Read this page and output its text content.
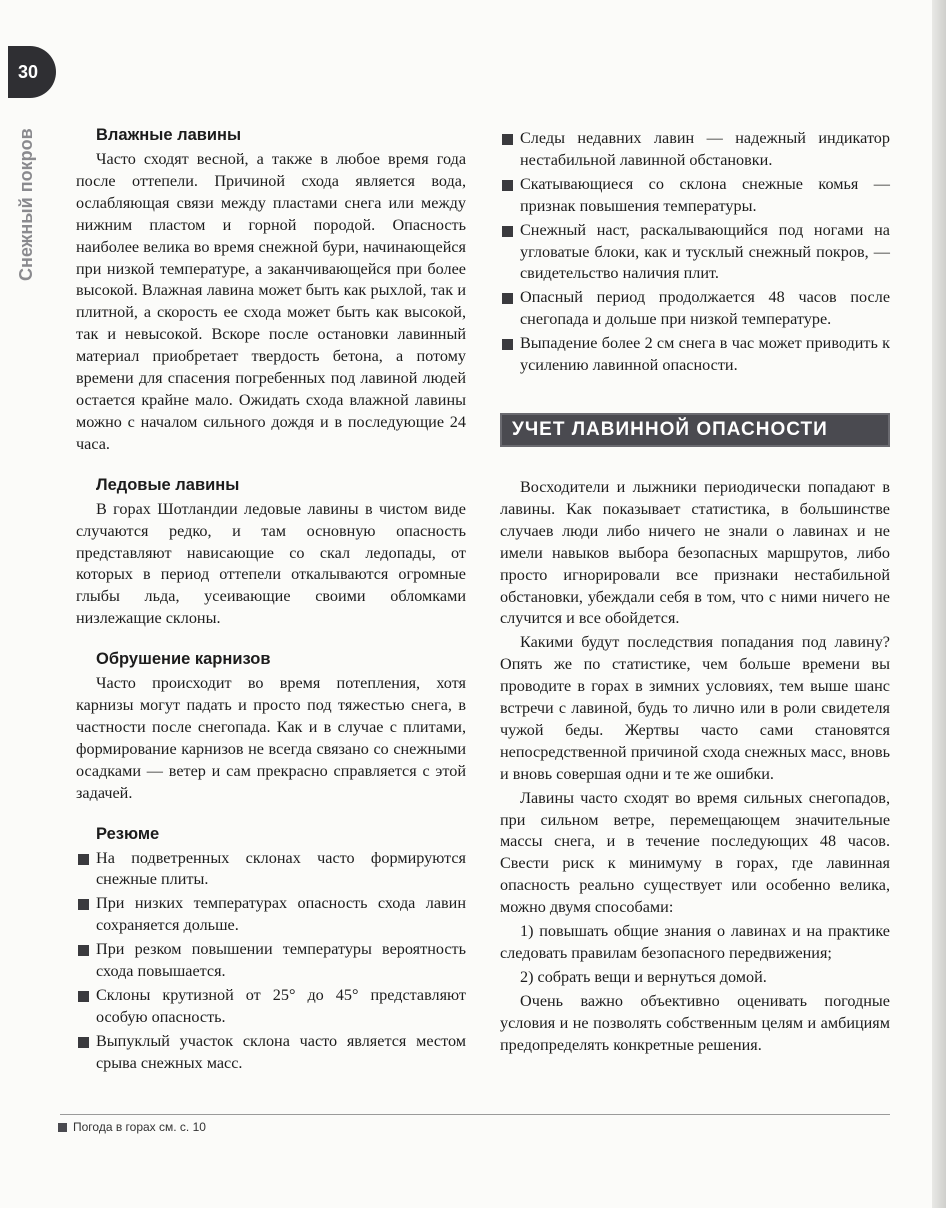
30
Снежный покров	Влажные лавины

Часто сходят весной, а также в любое время года после оттепели. Причиной схода является вода, ослабляющая связи между пластами снега или между нижним пластом и горной породой. Опасность наиболее велика во время снежной бури, начинающейся при низкой температуре, а заканчивающейся при более высокой. Влажная лавина может быть как рыхлой, так и плитной, а скорость ее схода может быть как высокой, так и невысокой. Вскоре после остановки лавинный материал приобретает твердость бетона, а потому времени для спасения погребенных под лавиной людей остается крайне мало. Ожидать схода влажной лавины можно с началом сильного дождя и в последующие 24 часа.

Ледовые лавины

В горах Шотландии ледовые лавины в чистом виде случаются редко, и там основную опасность представляют нависающие со скал ледопады, от которых в период оттепели откалываются огромные глыбы льда, усеивающие своими обломками низлежащие склоны.

Обрушение карнизов

Часто происходит во время потепления, хотя карнизы могут падать и просто под тяжестью снега, в частности после снегопада. Как и в случае с плитами, формирование карнизов не всегда связано со снежными осадками — ветер и сам прекрасно справляется с этой задачей.

Резюме
На подветренных склонах часто формируются снежные плиты.
При низких температурах опасность схода лавин сохраняется дольше.
При резком повышении температуры вероятность схода повышается.
Склоны крутизной от 25° до 45° представляют особую опасность.
Выпуклый участок склона часто является местом срыва снежных масс.
Следы недавних лавин — надежный индикатор нестабильной лавинной обстановки.
Скатывающиеся со склона снежные комья — признак повышения температуры.
Снежный наст, раскалывающийся под ногами на угловатые блоки, как и тусклый снежный покров, — свидетельство наличия плит.
Опасный период продолжается 48 часов после снегопада и дольше при низкой температуре.
Выпадение более 2 см снега в час может приводить к усилению лавинной опасности.
УЧЕТ ЛАВИННОЙ ОПАСНОСТИ

Восходители и лыжники периодически попадают в лавины. Как показывает статистика, в большинстве случаев люди либо ничего не знали о лавинах и не имели навыков выбора безопасных маршрутов, либо просто игнорировали все признаки нестабильной обстановки, убеждали себя в том, что с ними ничего не случится и все обойдется.

Какими будут последствия попадания под лавину? Опять же по статистике, чем больше времени вы проводите в горах в зимних условиях, тем выше шанс встречи с лавиной, будь то лично или в роли свидетеля чужой беды. Жертвы часто сами становятся непосредственной причиной схода снежных масс, вновь и вновь совершая одни и те же ошибки.

Лавины часто сходят во время сильных снегопадов, при сильном ветре, перемещающем значительные массы снега, и в течение последующих 48 часов. Свести риск к минимуму в горах, где лавинная опасность реально существует или особенно велика, можно двумя способами:

1) повышать общие знания о лавинах и на практике следовать правилам безопасного передвижения;

2) собрать вещи и вернуться домой.

Очень важно объективно оценивать погодные условия и не позволять собственным целям и амбициям предопределять конкретные решения.

Погода в горах см. с. 10
